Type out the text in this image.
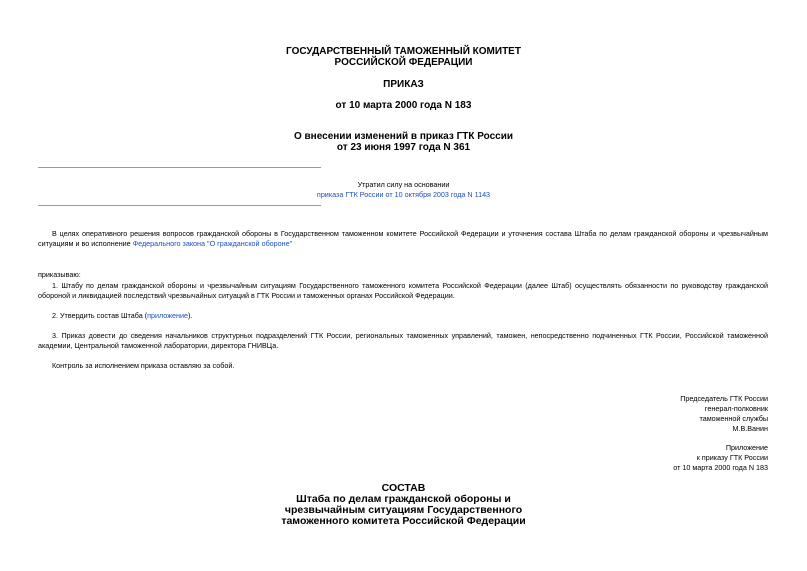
ГОСУДАРСТВЕННЫЙ ТАМОЖЕННЫЙ КОМИТЕТ
РОССИЙСКОЙ ФЕДЕРАЦИИ
ПРИКАЗ
от 10 марта 2000 года N 183
О внесении изменений в приказ ГТК России
от 23 июня 1997 года N 361
Утратил силу на основании
приказа ГТК России от 10 октября 2003 года N 1143
В целях оперативного решения вопросов гражданской обороны в Государственном таможенном комитете Российской Федерации и уточнения состава Штаба по делам гражданской обороны и чрезвычайным ситуациям и во исполнение Федерального закона "О гражданской обороне"
приказываю:
1. Штабу по делам гражданской обороны и чрезвычайным ситуациям Государственного таможенного комитета Российской Федерации (далее Штаб) осуществлять обязанности по руководству гражданской обороной и ликвидацией последствий чрезвычайных ситуаций в ГТК России и таможенных органах Российской Федерации.
2. Утвердить состав Штаба (приложение).
3. Приказ довести до сведения начальников структурных подразделений ГТК России, региональных таможенных управлений, таможен, непосредственно подчиненных ГТК России, Российской таможенной академии, Центральной таможенной лаборатории, директора ГНИВЦа.
Контроль за исполнением приказа оставляю за собой.
Председатель ГТК России
генерал-полковник
таможенной службы
М.В.Ванин
Приложение
к приказу ГТК России
от 10 марта 2000 года N 183
СОСТАВ
Штаба по делам гражданской обороны и
чрезвычайным ситуациям Государственного
таможенного комитета Российской Федерации
